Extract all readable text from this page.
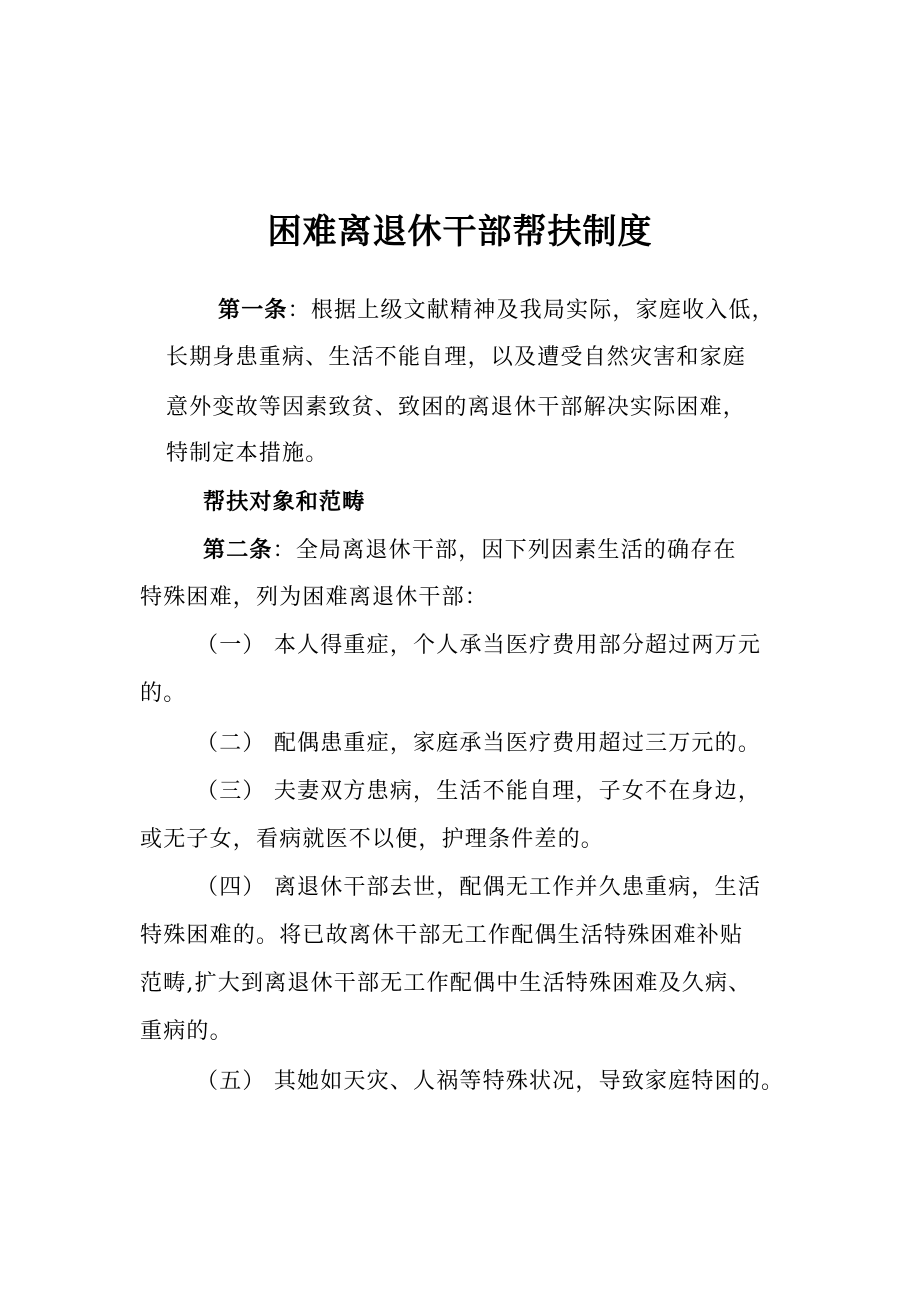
困难离退休干部帮扶制度
第一条：根据上级文献精神及我局实际，家庭收入低，
长期身患重病、生活不能自理，以及遭受自然灾害和家庭
意外变故等因素致贫、致困的离退休干部解决实际困难，
特制定本措施。
帮扶对象和范畴
第二条：全局离退休干部，因下列因素生活的确存在
特殊困难，列为困难离退休干部：
（一） 本人得重症，个人承当医疗费用部分超过两万元
的。
（二） 配偶患重症，家庭承当医疗费用超过三万元的。
（三） 夫妻双方患病，生活不能自理，子女不在身边，
或无子女，看病就医不以便，护理条件差的。
（四） 离退休干部去世，配偶无工作并久患重病，生活
特殊困难的。将已故离休干部无工作配偶生活特殊困难补贴
范畴,扩大到离退休干部无工作配偶中生活特殊困难及久病、
重病的。
（五） 其她如天灾、人祸等特殊状况，导致家庭特困的。
